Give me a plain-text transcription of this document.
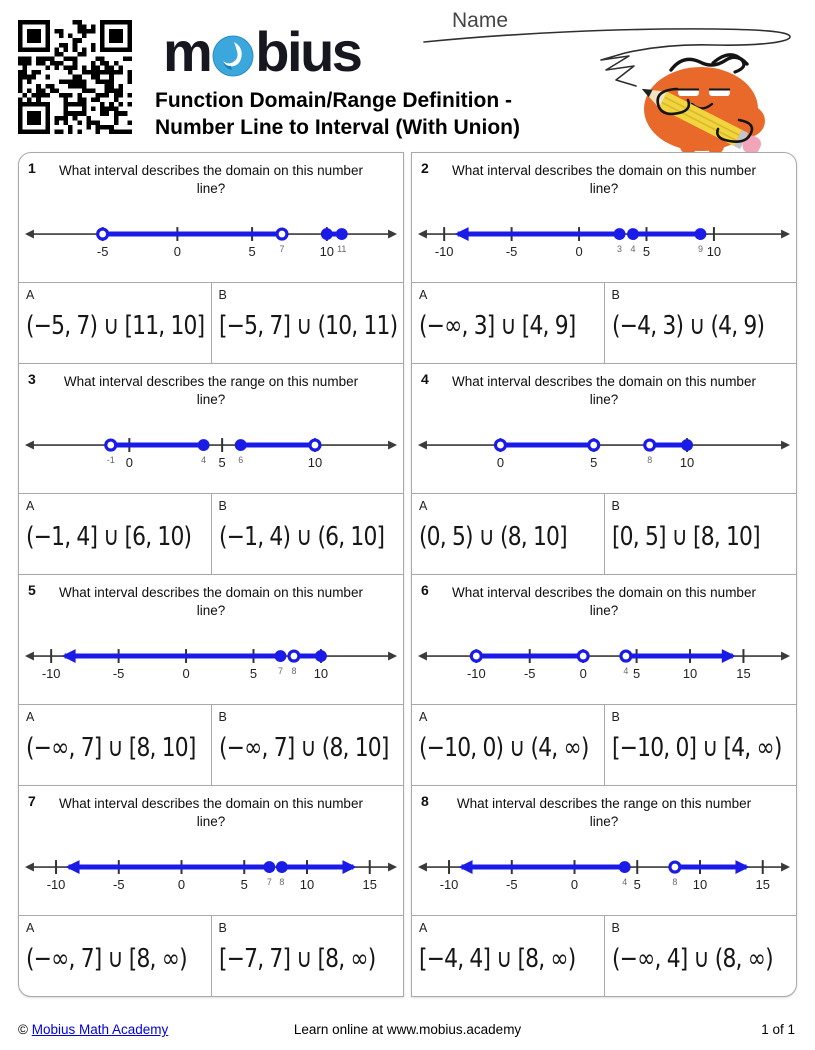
m bius
Function Domain/Range Definition -
Number Line to Interval (With Union)
Name
1 What interval describes the domain on this number line?
-5	0	5	7	10 11
A
(−5, 7) ∪ [11, 10]
B
[−5, 7] ∪ (10, 11)
2 What interval describes the domain on this number line?
-10	-5	0	3 4 5	9 10
A
(−∞, 3] ∪ [4, 9]
B
(−4, 3) ∪ (4, 9)
3	What interval describes the range on this number line?
-1 0	4 5 6	10
A
(−1, 4] ∪ [6, 10)
B
(−1, 4) ∪ (6, 10]
4 What interval describes the domain on this number line?
0	5	8 10
A
(0, 5) ∪ (8, 10]
B
[0, 5] ∪ [8, 10]
5 What interval describes the domain on this number line?
-10	-5	0	5 7 8 10
A
(−∞, 7] ∪ [8, 10]
B
(−∞, 7] ∪ (8, 10]
6 What interval describes the domain on this number line?
-10	-5	0	4 5	10	15
A
(−10, 0) ∪ (4, ∞)
B
[−10, 0] ∪ [4, ∞)
7 What interval describes the domain on this number line?
-10	-5	0	5 7 8 10	15
A
(−∞, 7] ∪ [8, ∞)
B
[−7, 7] ∪ [8, ∞)
8	What interval describes the range on this number line?
-10	-5	0	4 5	8 10	15
A
[−4, 4] ∪ [8, ∞)
B
(−∞, 4] ∪ (8, ∞)
© Mobius Math Academy	Learn online at www.mobius.academy	1 of 1
